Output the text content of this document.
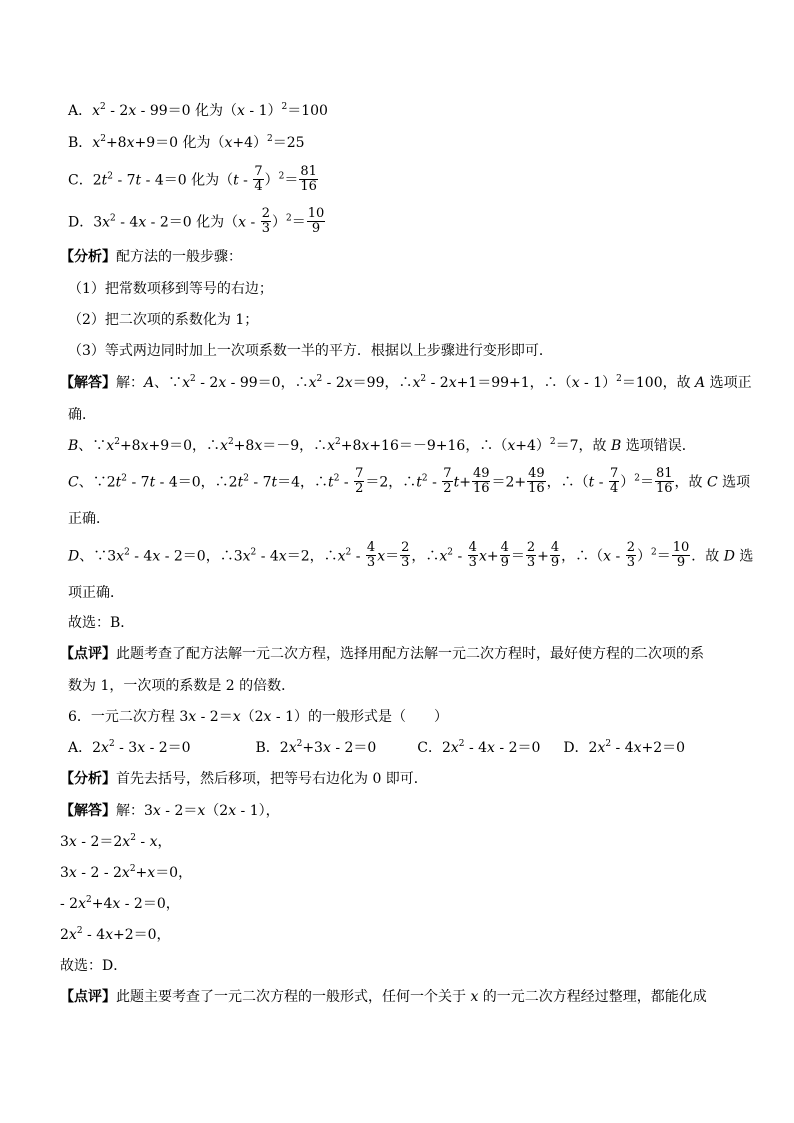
A．$x^2 - 2x - 99=0$ 化为（x - 1）$^2$＝100
B．$x^2+8x+9=0$ 化为$(x+4)^2=25$
C．$2t^2 - 7t - 4=0$ 化为$(t - \frac{7}{4} )^2= \frac{81}{16}$
D．$3x^2 - 4x - 2=0$ 化为$(x - \frac{2}{3} )^2= \frac{10}{9}$
【分析】配方法的一般步骤：
（1）把常数项移到等号的右边；
（2）把二次项的系数化为 1；
（3）等式两边同时加上一次项系数一半的平方．根据以上步骤进行变形即可．
【解答】解：A、$\because x^2 - 2x - 99=0$，$\therefore x^2 - 2x=99$，$\therefore x^2 - 2x+1=99+1$，∴（x - 1）$^2$＝100，故 A 选项正
确．
B、$\because x^2+8x+9=0$，$\therefore x^2+8x=-9$，$\therefore x^2+8x+16=-9+16$，$\therefore(x+4)^2=7$，故 B 选项错误．
C、$\because 2t^2 - 7t - 4=0$，$\therefore 2t^2 - 7t=4$，$\therefore t^2 - \frac{7}{2} =2$，$\therefore t^2 - \frac{7}{2} t+ \frac{49}{16} =2+ \frac{49}{16}$ ，∴（t - $\frac{7}{4} )^2= \frac{81}{16}$ ，故 C 选项
正确．
D、$\because 3x^2 - 4x - 2=0$，$\therefore 3x^2 - 4x=2$，$\therefore x^2 - \frac{4}{3} x= \frac{2}{3}$ ，$\therefore x^2 - \frac{4}{3} x+ \frac{4}{9} = \frac{2}{3} + \frac{4}{9}$ ，∴（x - $\frac{2}{3} )^2= \frac{10}{9}$ ．故 D 选
项正确．
故选：B．
【点评】此题考查了配方法解一元二次方程，选择用配方法解一元二次方程时，最好使方程的二次项的系
数为 1，一次项的系数是 2 的倍数．
6．一元二次方程 3x - 2＝x（2x - 1）的一般形式是（　　）
A．$2x^2 - 3x - 2=0$	B．$2x^2+3x - 2=0$	C．$2x^2 - 4x - 2=0$ D．$2x^2 - 4x+2=0$
【分析】首先去括号，然后移项，把等号右边化为 0 即可．
【解答】解：3x - 2＝x（2x - 1），
$3x - 2=2x^2 - x$，
$3x - 2 - 2x^2+x=0$，
- $2x^2+4x - 2=0$，
$2x^2 - 4x+2=0$，
故选：D．
【点评】此题主要考查了一元二次方程的一般形式，任何一个关于 x 的一元二次方程经过整理，都能化成
